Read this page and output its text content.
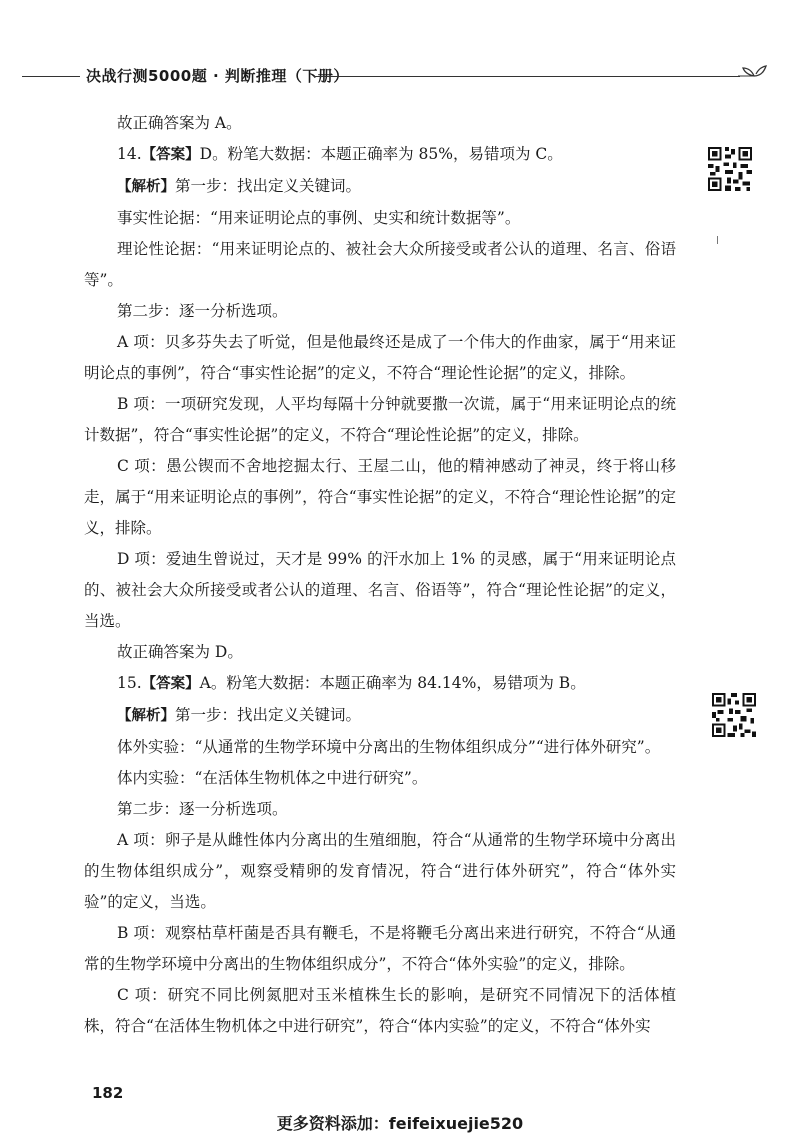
决战行测5000题 · 判断推理（下册）

故正确答案为 A。

14.【答案】D。粉笔大数据：本题正确率为 85%，易错项为 C。

【解析】第一步：找出定义关键词。

事实性论据：“用来证明论点的事例、史实和统计数据等”。

理论性论据：“用来证明论点的、被社会大众所接受或者公认的道理、名言、俗语等”。

第二步：逐一分析选项。

A 项：贝多芬失去了听觉，但是他最终还是成了一个伟大的作曲家，属于“用来证明论点的事例”，符合“事实性论据”的定义，不符合“理论性论据”的定义，排除。

B 项：一项研究发现，人平均每隔十分钟就要撒一次谎，属于“用来证明论点的统计数据”，符合“事实性论据”的定义，不符合“理论性论据”的定义，排除。

C 项：愚公锲而不舍地挖掘太行、王屋二山，他的精神感动了神灵，终于将山移走，属于“用来证明论点的事例”，符合“事实性论据”的定义，不符合“理论性论据”的定义，排除。

D 项：爱迪生曾说过，天才是 99% 的汗水加上 1% 的灵感，属于“用来证明论点的、被社会大众所接受或者公认的道理、名言、俗语等”，符合“理论性论据”的定义，当选。

故正确答案为 D。

15.【答案】A。粉笔大数据：本题正确率为 84.14%，易错项为 B。

【解析】第一步：找出定义关键词。

体外实验：“从通常的生物学环境中分离出的生物体组织成分”“进行体外研究”。

体内实验：“在活体生物机体之中进行研究”。

第二步：逐一分析选项。

A 项：卵子是从雌性体内分离出的生殖细胞，符合“从通常的生物学环境中分离出的生物体组织成分”，观察受精卵的发育情况，符合“进行体外研究”，符合“体外实验”的定义，当选。

B 项：观察枯草杆菌是否具有鞭毛，不是将鞭毛分离出来进行研究，不符合“从通常的生物学环境中分离出的生物体组织成分”，不符合“体外实验”的定义，排除。

C 项：研究不同比例氮肥对玉米植株生长的影响，是研究不同情况下的活体植株，符合“在活体生物机体之中进行研究”，符合“体内实验”的定义，不符合“体外实

182
更多资料添加：feifeixuejie520
